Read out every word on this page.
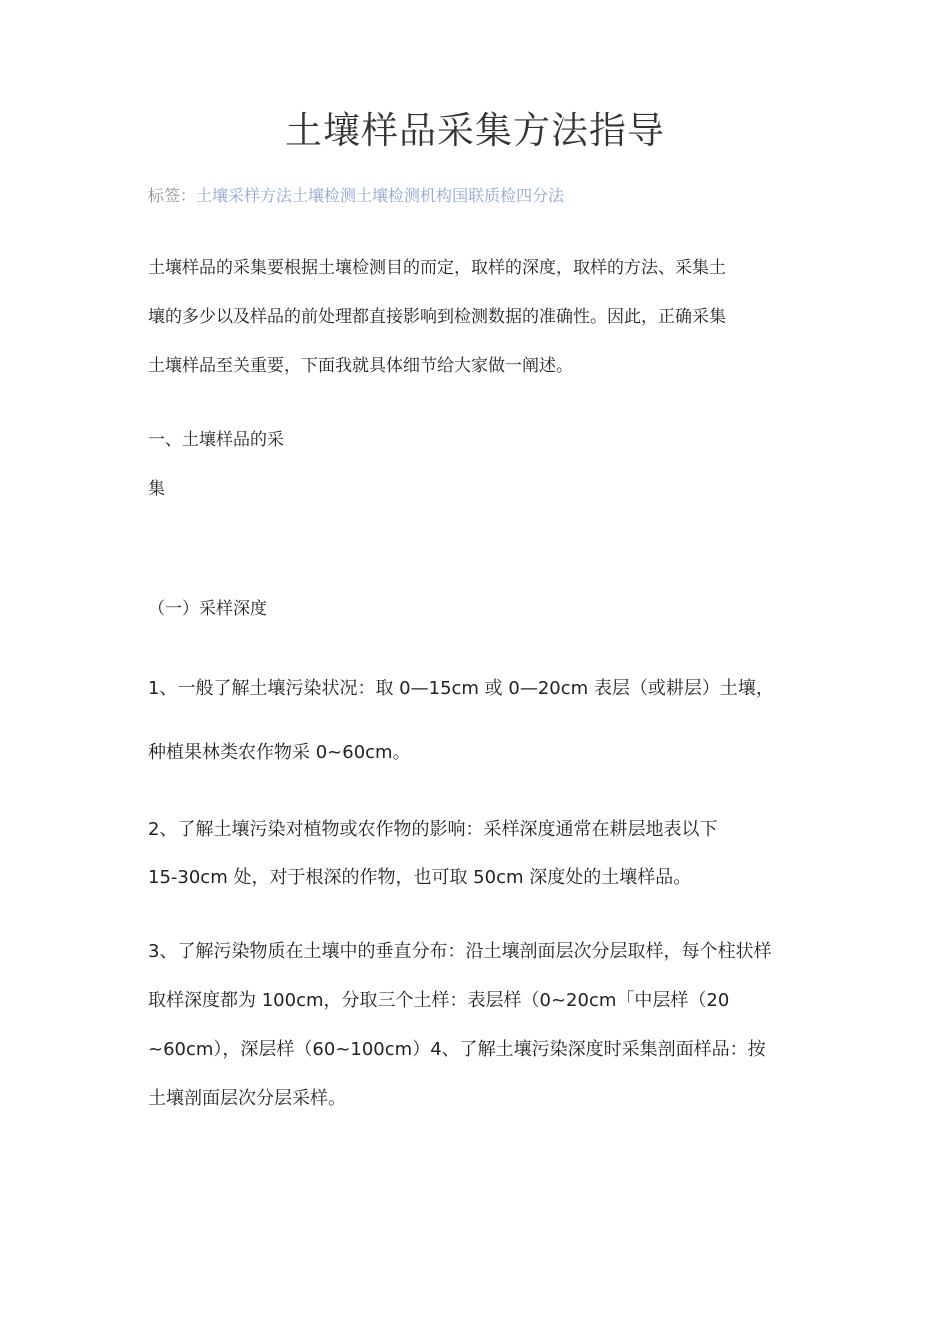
土壤样品采集方法指导
标签：土壤采样方法土壤检测土壤检测机构国联质检四分法
土壤样品的采集要根据土壤检测目的而定，取样的深度，取样的方法、采集土
壤的多少以及样品的前处理都直接影响到检测数据的准确性。因此，正确采集
土壤样品至关重要，下面我就具体细节给大家做一阐述。
一、土壤样品的采
集
（一）采样深度
1、一般了解土壤污染状况：取 0—15cm 或 0—20cm 表层（或耕层）土壤，
种植果林类农作物采 0~60cm。
2、了解土壤污染对植物或农作物的影响：采样深度通常在耕层地表以下
15-30cm 处，对于根深的作物，也可取 50cm 深度处的土壤样品。
3、了解污染物质在土壤中的垂直分布：沿土壤剖面层次分层取样，每个柱状样
取样深度都为 100cm，分取三个土样：表层样（0~20cm「中层样（20
~60cm），深层样（60~100cm）4、了解土壤污染深度时采集剖面样品：按
土壤剖面层次分层采样。
